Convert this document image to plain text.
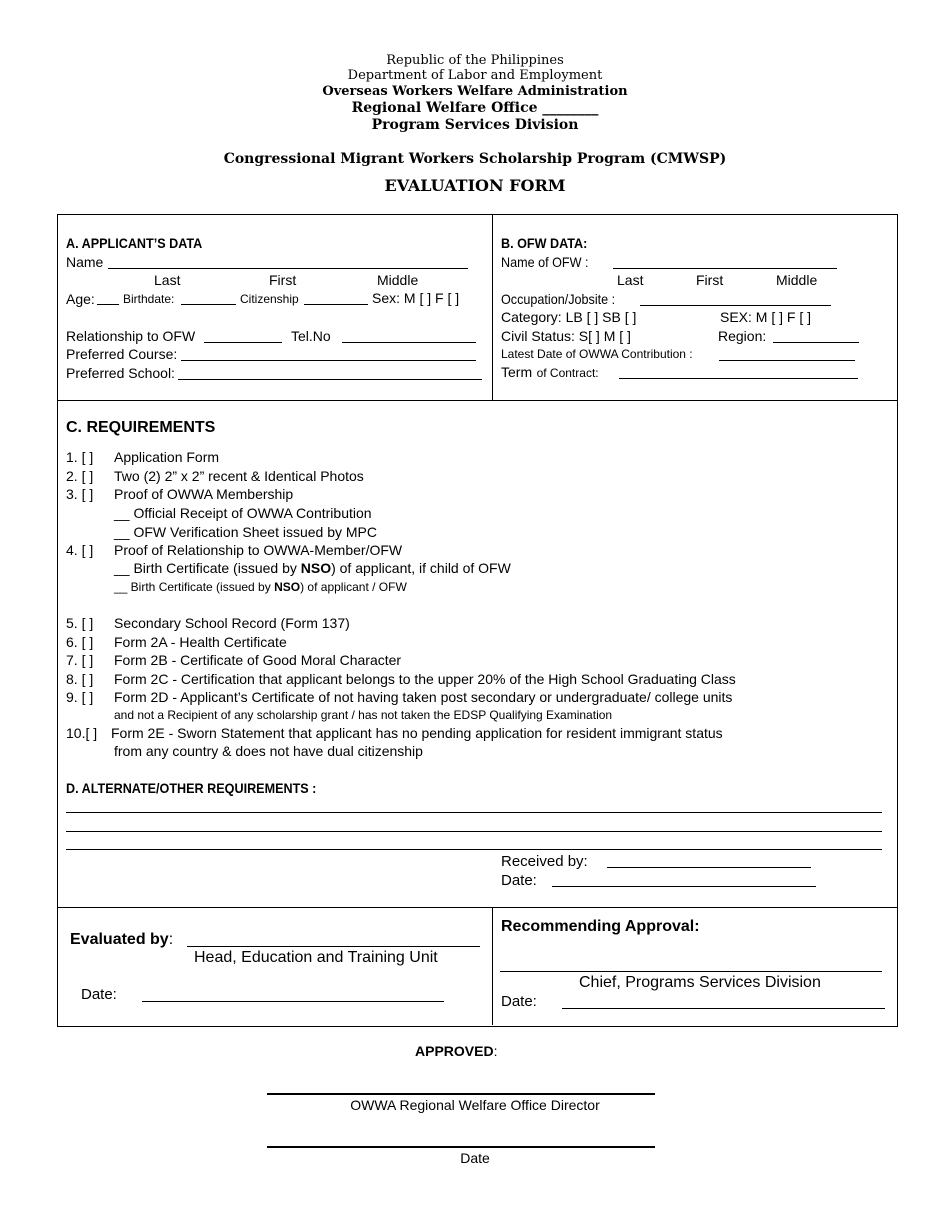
Republic of the Philippines
Department of Labor and Employment
Overseas Workers Welfare Administration
Regional Welfare Office ________
Program Services Division
Congressional Migrant Workers Scholarship Program (CMWSP)
EVALUATION FORM
A. APPLICANT’S DATA
Name
Last	First	Middle
Age: Birthdate:	Citizenship	Sex: M [ ] F [ ]
Relationship to OFW	Tel.No
Preferred Course:
Preferred School:
B. OFW DATA:
Name of OFW :
Last	First	Middle
Occupation/Jobsite :
Category: LB [ ] SB [ ]	SEX: M [ ] F [ ]
Civil Status: S[ ] M [ ]	Region:
Latest Date of OWWA Contribution :
Term of Contract:
C. REQUIREMENTS
1. [ ] Application Form
2. [ ] Two (2) 2” x 2” recent & Identical Photos
3. [ ] Proof of OWWA Membership
__ Official Receipt of OWWA Contribution
__ OFW Verification Sheet issued by MPC
4. [ ] Proof of Relationship to OWWA-Member/OFW
__ Birth Certificate (issued by NSO) of applicant, if child of OFW
__ Birth Certificate (issued by NSO) of applicant / OFW
5. [ ] Secondary School Record (Form 137)
6. [ ] Form 2A - Health Certificate
7. [ ] Form 2B - Certificate of Good Moral Character
8. [ ] Form 2C - Certification that applicant belongs to the upper 20% of the High School Graduating Class
9. [ ] Form 2D - Applicant’s Certificate of not having taken post secondary or undergraduate/ college units
and not a Recipient of any scholarship grant / has not taken the EDSP Qualifying Examination
10.[ ] Form 2E - Sworn Statement that applicant has no pending application for resident immigrant status
from any country & does not have dual citizenship
D. ALTERNATE/OTHER REQUIREMENTS :
Received by:
Date:
Evaluated by:
Head, Education and Training Unit
Date:
Recommending Approval:
Chief, Programs Services Division
Date:
APPROVED:
OWWA Regional Welfare Office Director
Date
